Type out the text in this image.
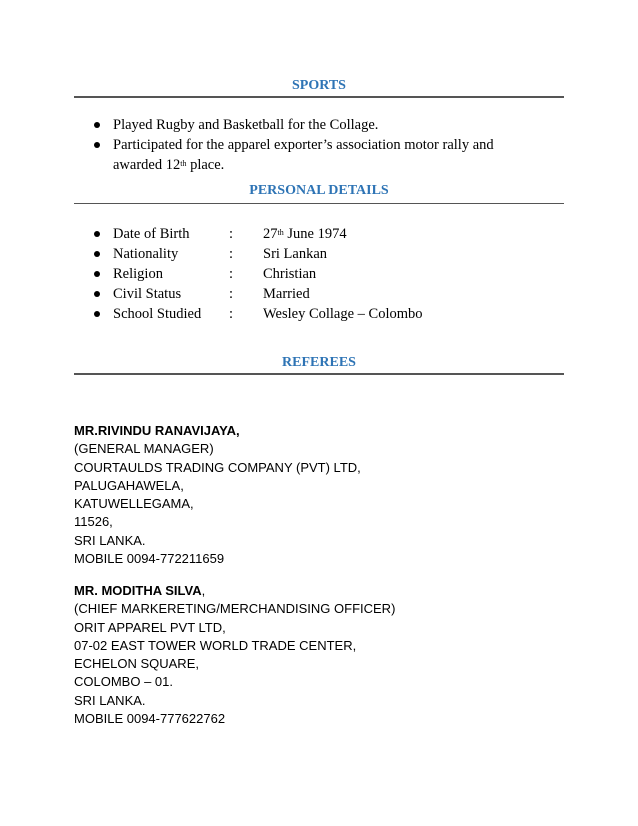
SPORTS
Played Rugby and Basketball for the Collage.
Participated for the apparel exporter’s association motor rally and
awarded 12th place.
PERSONAL DETAILS
Date of Birth	:	27th June 1974
Nationality	:	Sri Lankan
Religion	:	Christian
Civil Status	:	Married
School Studied	:	Wesley Collage – Colombo
REFEREES
MR.RIVINDU RANAVIJAYA,
(GENERAL MANAGER)
COURTAULDS TRADING COMPANY (PVT) LTD,
PALUGAHAWELA,
KATUWELLEGAMA,
11526,
SRI LANKA.
MOBILE 0094-772211659
MR. MODITHA SILVA,
(CHIEF MARKERETING/MERCHANDISING OFFICER)
ORIT APPAREL PVT LTD,
07-02 EAST TOWER WORLD TRADE CENTER,
ECHELON SQUARE,
COLOMBO – 01.
SRI LANKA.
MOBILE 0094-777622762
